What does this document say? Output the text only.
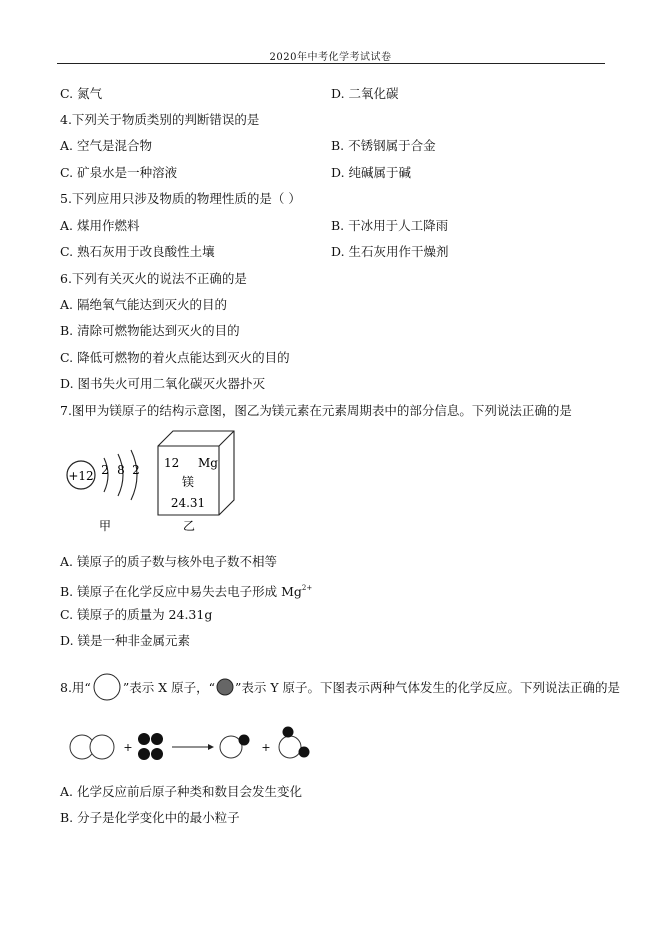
2020年中考化学考试试卷
C. 氮气	D. 二氧化碳
4.下列关于物质类别的判断错误的是
A. 空气是混合物	B. 不锈钢属于合金
C. 矿泉水是一种溶液	D. 纯碱属于碱
5.下列应用只涉及物质的物理性质的是（ ）
A. 煤用作燃料	B. 干冰用于人工降雨
C. 熟石灰用于改良酸性土壤	D. 生石灰用作干燥剂
6.下列有关灭火的说法不正确的是
A. 隔绝氧气能达到灭火的目的
B. 清除可燃物能达到灭火的目的
C. 降低可燃物的着火点能达到灭火的目的
D. 图书失火可用二氧化碳灭火器扑灭
7.图甲为镁原子的结构示意图，图乙为镁元素在元素周期表中的部分信息。下列说法正确的是
+12 2 8 2
甲
12 Mg
镁
24.31
乙
A. 镁原子的质子数与核外电子数不相等
B. 镁原子在化学反应中易失去电子形成 $Mg^{2+}$
C. 镁原子的质量为 24.31g
D. 镁是一种非金属元素
8.用“	”表示 X 原子，“ ”表示 Y 原子。下图表示两种气体发生的化学反应。下列说法正确的是
+	+
A. 化学反应前后原子种类和数目会发生变化
B. 分子是化学变化中的最小粒子
